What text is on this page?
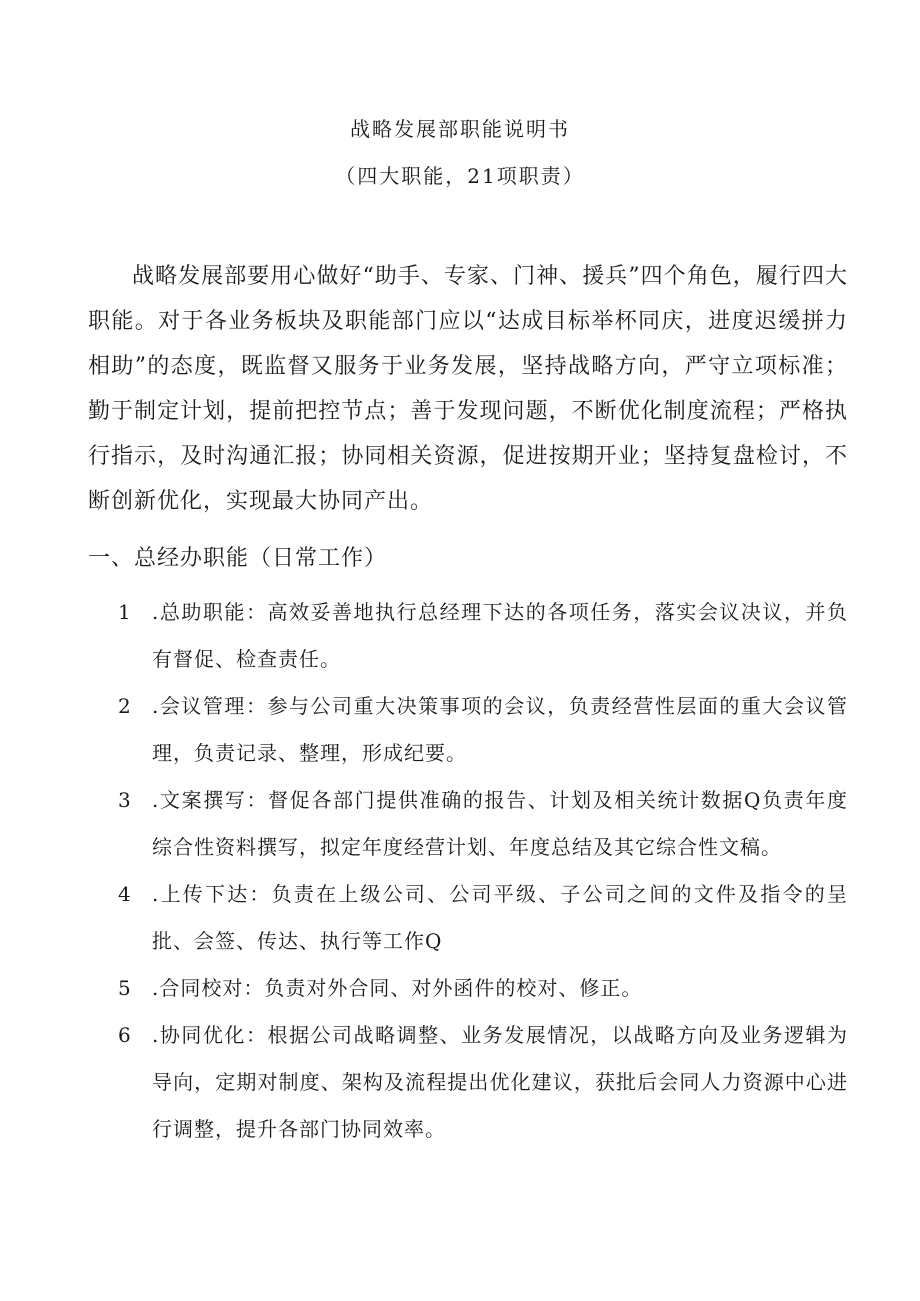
战略发展部职能说明书
（四大职能，21项职责）

战略发展部要用心做好“助手、专家、门神、援兵”四个角色，履行四大职能。对于各业务板块及职能部门应以“达成目标举杯同庆，进度迟缓拼力相助”的态度，既监督又服务于业务发展，坚持战略方向，严守立项标准；勤于制定计划，提前把控节点；善于发现问题，不断优化制度流程；严格执行指示，及时沟通汇报；协同相关资源，促进按期开业；坚持复盘检讨，不断创新优化，实现最大协同产出。

一、总经办职能（日常工作）
1	.总助职能：高效妥善地执行总经理下达的各项任务，落实会议决议，并负有督促、检查责任。
2	.会议管理：参与公司重大决策事项的会议，负责经营性层面的重大会议管理，负责记录、整理，形成纪要。
3	.文案撰写：督促各部门提供准确的报告、计划及相关统计数据Q负责年度综合性资料撰写，拟定年度经营计划、年度总结及其它综合性文稿。
4	.上传下达：负责在上级公司、公司平级、子公司之间的文件及指令的呈批、会签、传达、执行等工作Q
5	.合同校对：负责对外合同、对外函件的校对、修正。
6	.协同优化：根据公司战略调整、业务发展情况，以战略方向及业务逻辑为导向，定期对制度、架构及流程提出优化建议，获批后会同人力资源中心进行调整，提升各部门协同效率。
